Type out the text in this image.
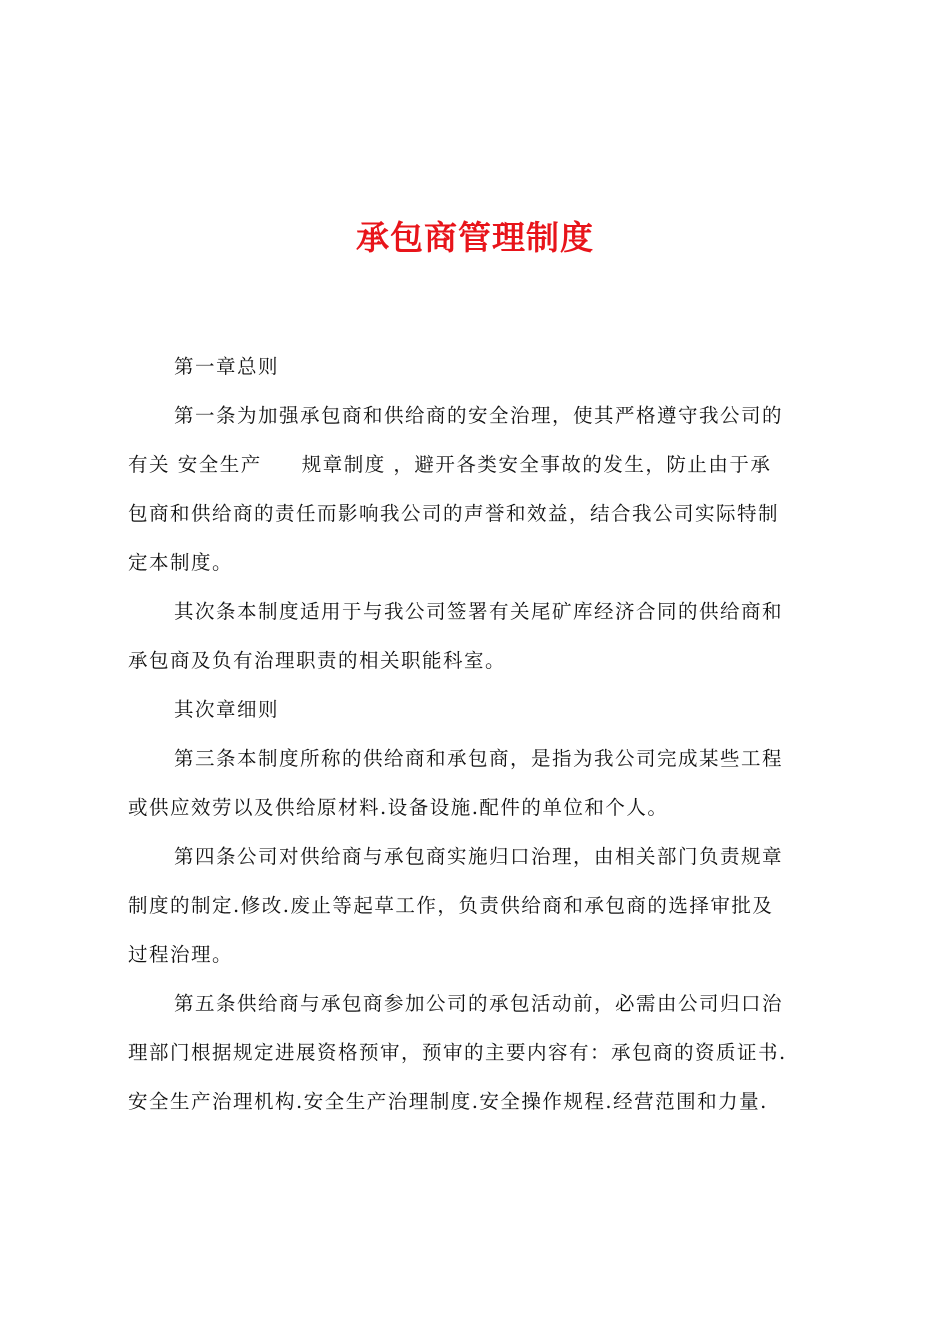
承包商管理制度

第一章总则

第一条为加强承包商和供给商的安全治理，使其严格遵守我公司的
有关 安全生产 规章制度 ，避开各类安全事故的发生，防止由于承
包商和供给商的责任而影响我公司的声誉和效益，结合我公司实际特制
定本制度。

其次条本制度适用于与我公司签署有关尾矿库经济合同的供给商和
承包商及负有治理职责的相关职能科室。

其次章细则

第三条本制度所称的供给商和承包商，是指为我公司完成某些工程
或供应效劳以及供给原材料.设备设施.配件的单位和个人。

第四条公司对供给商与承包商实施归口治理，由相关部门负责规章
制度的制定.修改.废止等起草工作，负责供给商和承包商的选择审批及
过程治理。

第五条供给商与承包商参加公司的承包活动前，必需由公司归口治
理部门根据规定进展资格预审，预审的主要内容有：承包商的资质证书.
安全生产治理机构.安全生产治理制度.安全操作规程.经营范围和力量.
